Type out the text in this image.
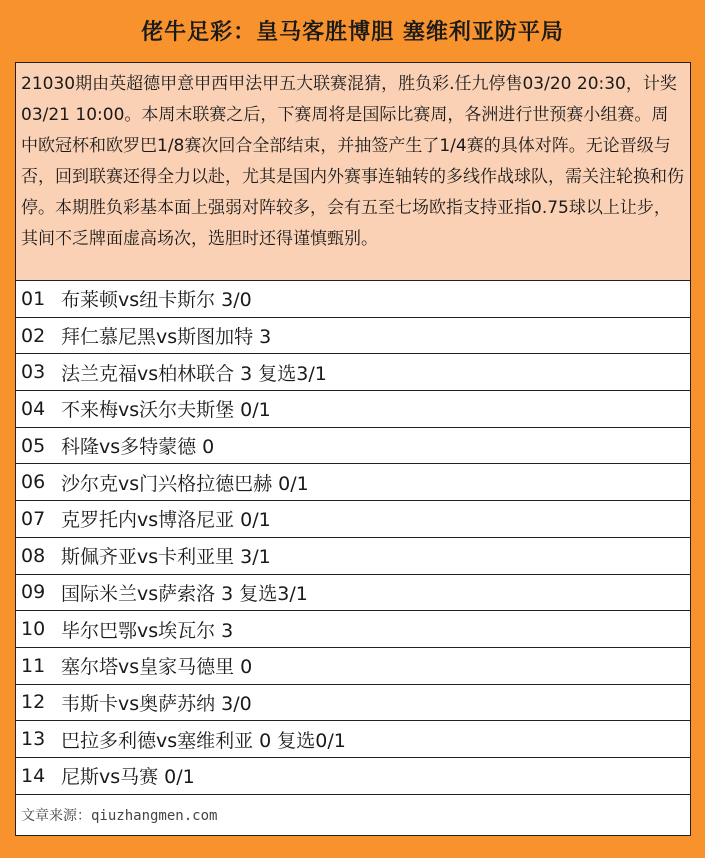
佬牛足彩：皇马客胜博胆 塞维利亚防平局
21030期由英超德甲意甲西甲法甲五大联赛混猜，胜负彩.任九停售03/20 20:30，计奖03/21 10:00。本周末联赛之后，下赛周将是国际比赛周，各洲进行世预赛小组赛。周中欧冠杯和欧罗巴1/8赛次回合全部结束，并抽签产生了1/4赛的具体对阵。无论晋级与否，回到联赛还得全力以赴，尤其是国内外赛事连轴转的多线作战球队，需关注轮换和伤停。本期胜负彩基本面上强弱对阵较多，会有五至七场欧指支持亚指0.75球以上让步，其间不乏牌面虚高场次，选胆时还得谨慎甄别。
01 布莱顿vs纽卡斯尔 3/0
02 拜仁慕尼黑vs斯图加特 3
03 法兰克福vs柏林联合 3 复选3/1
04 不来梅vs沃尔夫斯堡 0/1
05 科隆vs多特蒙德 0
06 沙尔克vs门兴格拉德巴赫 0/1
07 克罗托内vs博洛尼亚 0/1
08 斯佩齐亚vs卡利亚里 3/1
09 国际米兰vs萨索洛 3 复选3/1
10 毕尔巴鄂vs埃瓦尔 3
11 塞尔塔vs皇家马德里 0
12 韦斯卡vs奥萨苏纳 3/0
13 巴拉多利德vs塞维利亚 0 复选0/1
14 尼斯vs马赛 0/1
文章来源：qiuzhangmen.com
